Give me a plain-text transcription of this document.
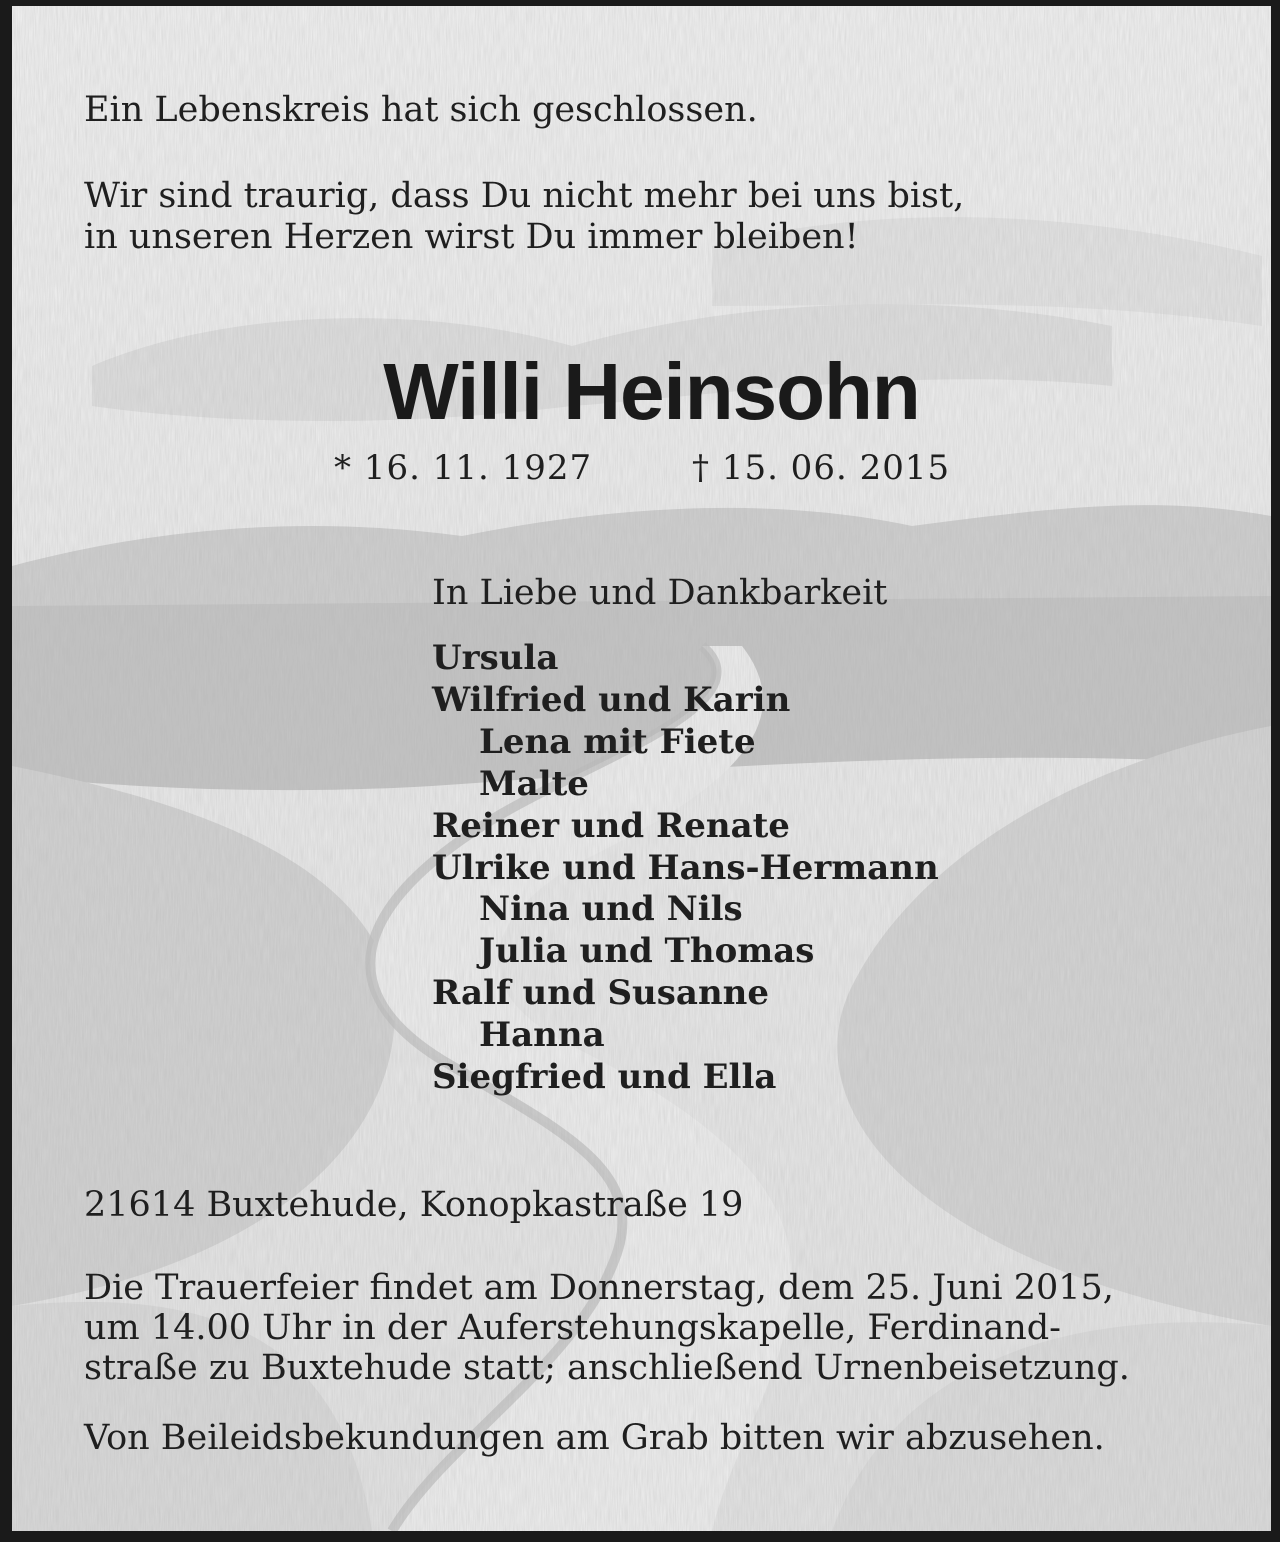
Ein Lebenskreis hat sich geschlossen.
Wir sind traurig, dass Du nicht mehr bei uns bist,
in unseren Herzen wirst Du immer bleiben!
Willi Heinsohn
* 16. 11. 1927	† 15. 06. 2015
In Liebe und Dankbarkeit
Ursula
Wilfried und Karin
Lena mit Fiete
Malte
Reiner und Renate
Ulrike und Hans-Hermann
Nina und Nils
Julia und Thomas
Ralf und Susanne
Hanna
Siegfried und Ella
21614 Buxtehude, Konopkastraße 19
Die Trauerfeier findet am Donnerstag, dem 25. Juni 2015,
um 14.00 Uhr in der Auferstehungskapelle, Ferdinand-
straße zu Buxtehude statt; anschließend Urnenbeisetzung.
Von Beileidsbekundungen am Grab bitten wir abzusehen.
